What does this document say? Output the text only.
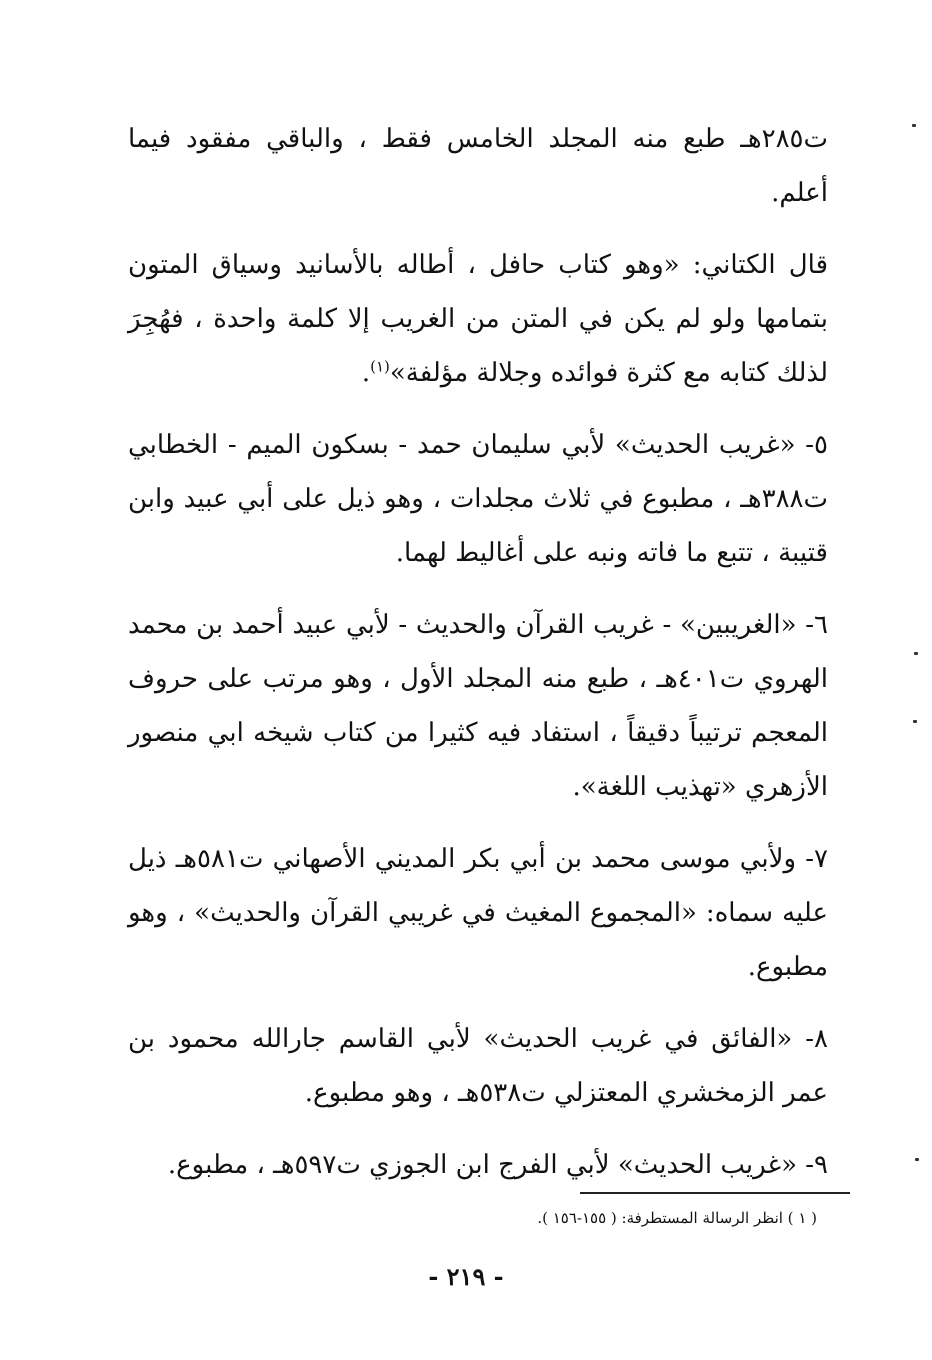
ت٢٨٥هـ طبع منه المجلد الخامس فقط ، والباقي مفقود فيما أعلم.

قال الكتاني: «وهو كتاب حافل ، أطاله بالأسانيد وسياق المتون بتمامها ولو لم يكن في المتن من الغريب إلا كلمة واحدة ، فهُجِرَ لذلك كتابه مع كثرة فوائده وجلالة مؤلفة»$^{(١)}$.

٥- «غريب الحديث» لأبي سليمان حمد - بسكون الميم - الخطابي ت٣٨٨هـ ، مطبوع في ثلاث مجلدات ، وهو ذيل على أبي عبيد وابن قتيبة ، تتبع ما فاته ونبه على أغاليط لهما.

٦- «الغريبين» - غريب القرآن والحديث - لأبي عبيد أحمد بن محمد الهروي ت٤٠١هـ ، طبع منه المجلد الأول ، وهو مرتب على حروف المعجم ترتيباً دقيقاً ، استفاد فيه كثيرا من كتاب شيخه ابي منصور الأزهري «تهذيب اللغة».

٧- ولأبي موسى محمد بن أبي بكر المديني الأصهاني ت٥٨١هـ ذيل عليه سماه: «المجموع المغيث في غريبي القرآن والحديث» ، وهو مطبوع.

٨- «الفائق في غريب الحديث» لأبي القاسم جارالله محمود بن عمر الزمخشري المعتزلي ت٥٣٨هـ ، وهو مطبوع.

٩- «غريب الحديث» لأبي الفرج ابن الجوزي ت٥٩٧هـ ، مطبوع.

( ١ ) انظر الرسالة المستطرفة: ( ١٥٥-١٥٦ ).
- ٢١٩ -
